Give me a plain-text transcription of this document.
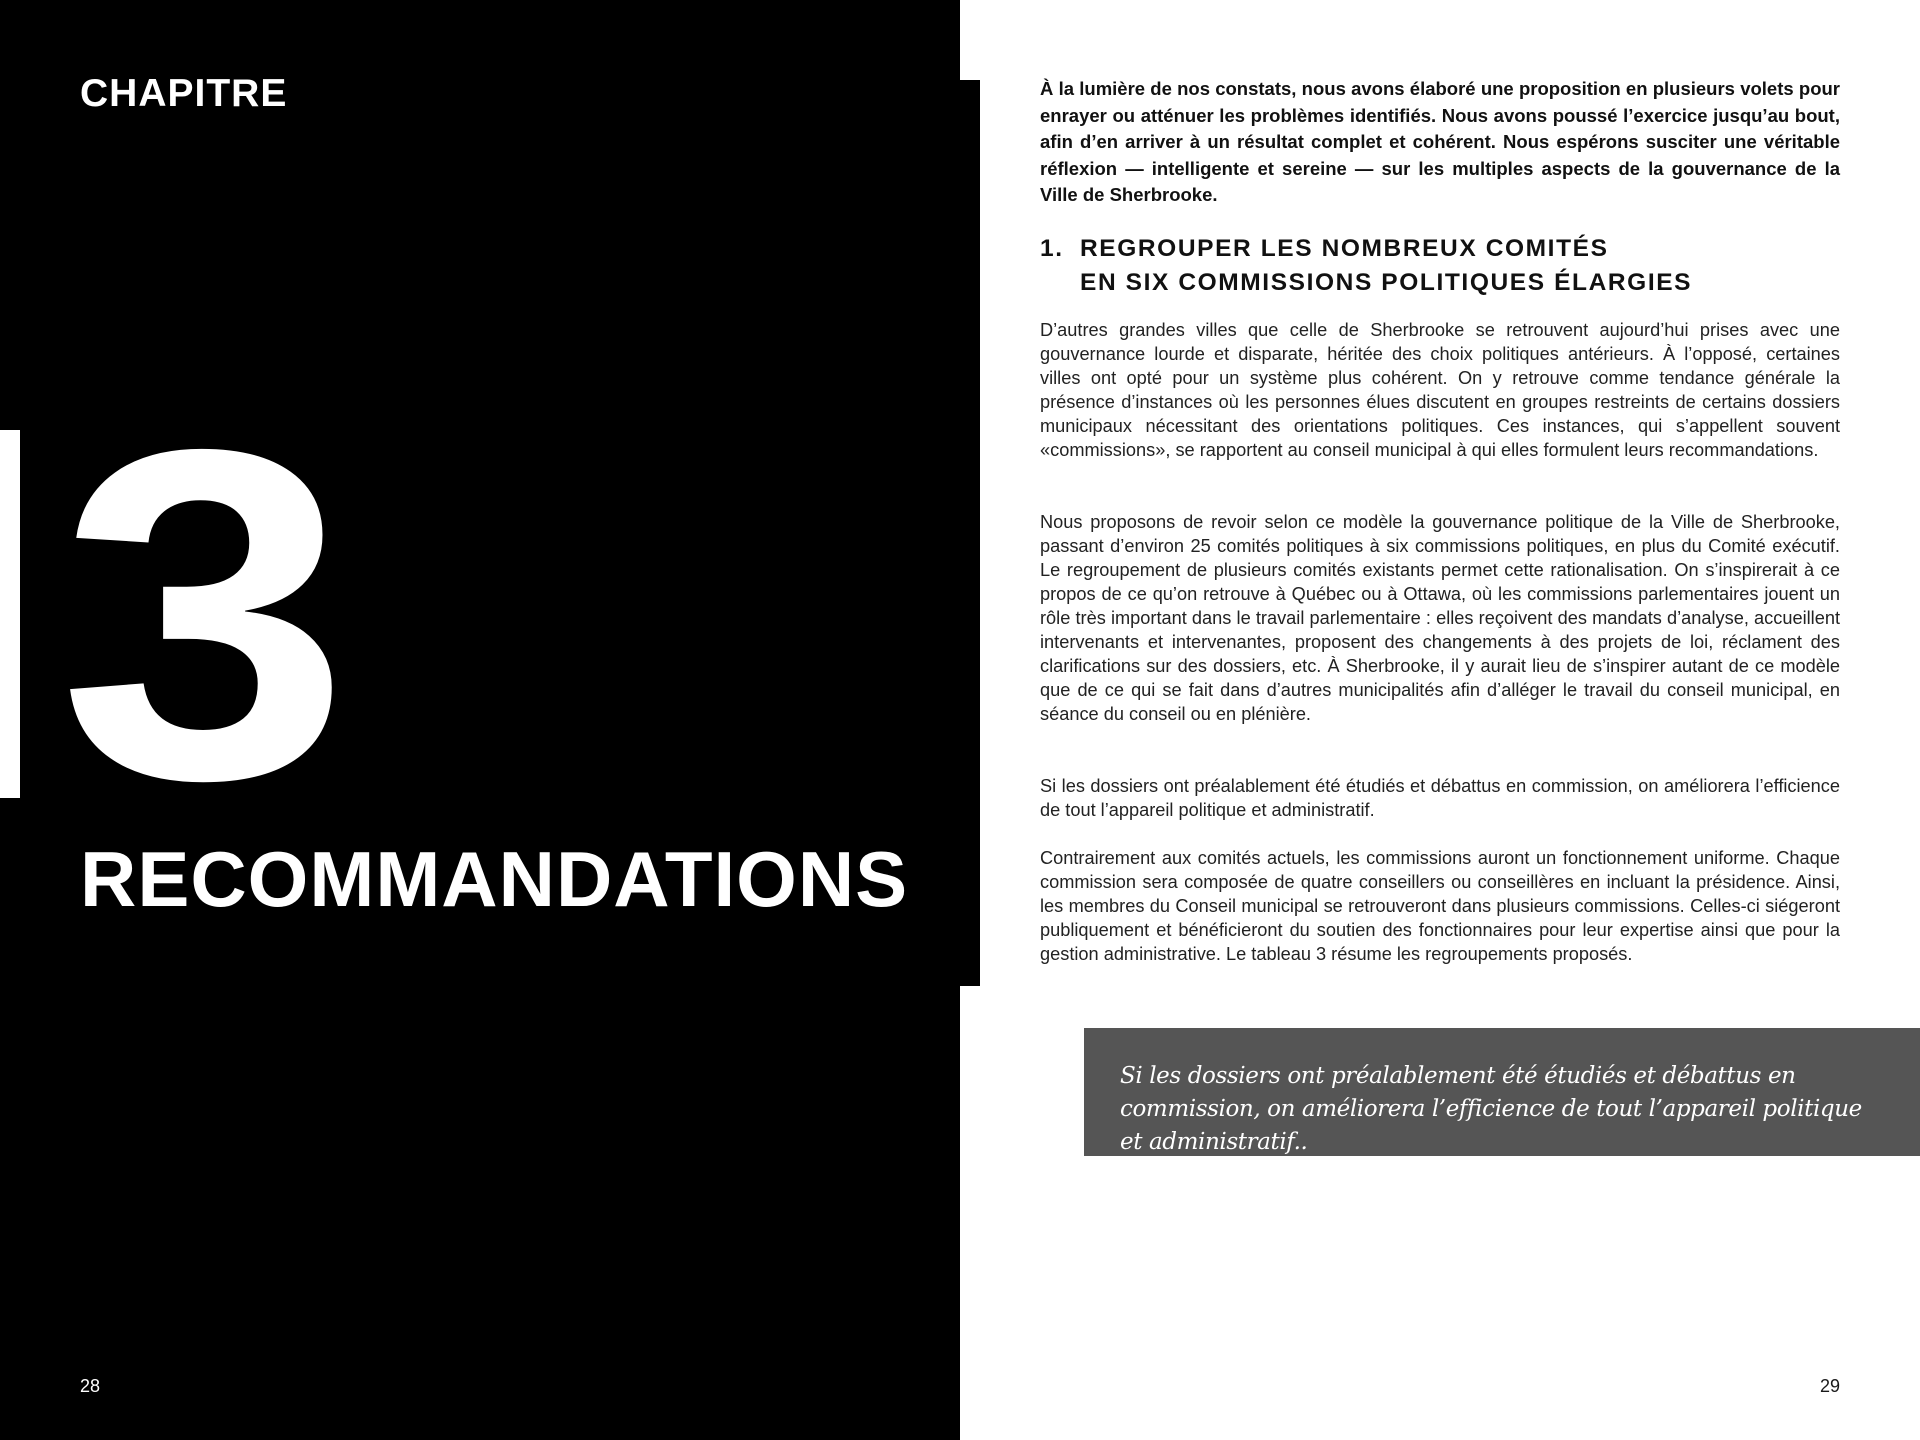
CHAPITRE
3
RECOMMANDATIONS
28

À la lumière de nos constats, nous avons élaboré une proposition en plusieurs volets pour enrayer ou atténuer les problèmes identifiés. Nous avons poussé l’exercice jusqu’au bout, afin d’en arriver à un résultat complet et cohérent. Nous espérons susciter une véritable réflexion — intelligente et sereine — sur les multiples aspects de la gouvernance de la Ville de Sherbrooke.

1. REGROUPER LES NOMBREUX COMITÉS
EN SIX COMMISSIONS POLITIQUES ÉLARGIES

D’autres grandes villes que celle de Sherbrooke se retrouvent aujourd’hui prises avec une gouvernance lourde et disparate, héritée des choix politiques antérieurs. À l’opposé, certaines villes ont opté pour un système plus cohérent. On y retrouve comme tendance générale la présence d’instances où les personnes élues discutent en groupes restreints de certains dossiers municipaux nécessitant des orientations politiques. Ces instances, qui s’appellent souvent «commissions», se rapportent au conseil municipal à qui elles formulent leurs recommandations.

Nous proposons de revoir selon ce modèle la gouvernance politique de la Ville de Sherbrooke, passant d’environ 25 comités politiques à six commissions politiques, en plus du Comité exécutif. Le regroupement de plusieurs comités existants permet cette rationalisation. On s’inspirerait à ce propos de ce qu’on retrouve à Québec ou à Ottawa, où les commissions parlementaires jouent un rôle très important dans le travail parlementaire : elles reçoivent des mandats d’analyse, accueillent intervenants et intervenantes, proposent des changements à des projets de loi, réclament des clarifications sur des dossiers, etc. À Sherbrooke, il y aurait lieu de s’inspirer autant de ce modèle que de ce qui se fait dans d’autres municipalités afin d’alléger le travail du conseil municipal, en séance du conseil ou en plénière.

Si les dossiers ont préalablement été étudiés et débattus en commission, on améliorera l’efficience de tout l’appareil politique et administratif.

Contrairement aux comités actuels, les commissions auront un fonctionnement uniforme. Chaque commission sera composée de quatre conseillers ou conseillères en incluant la présidence. Ainsi, les membres du Conseil municipal se retrouveront dans plusieurs commissions. Celles-ci siégeront publiquement et bénéficieront du soutien des fonctionnaires pour leur expertise ainsi que pour la gestion administrative. Le tableau 3 résume les regroupements proposés.

Si les dossiers ont préalablement été étudiés et débattus en commission, on améliorera l’efficience de tout l’appareil politique et administratif..

29
